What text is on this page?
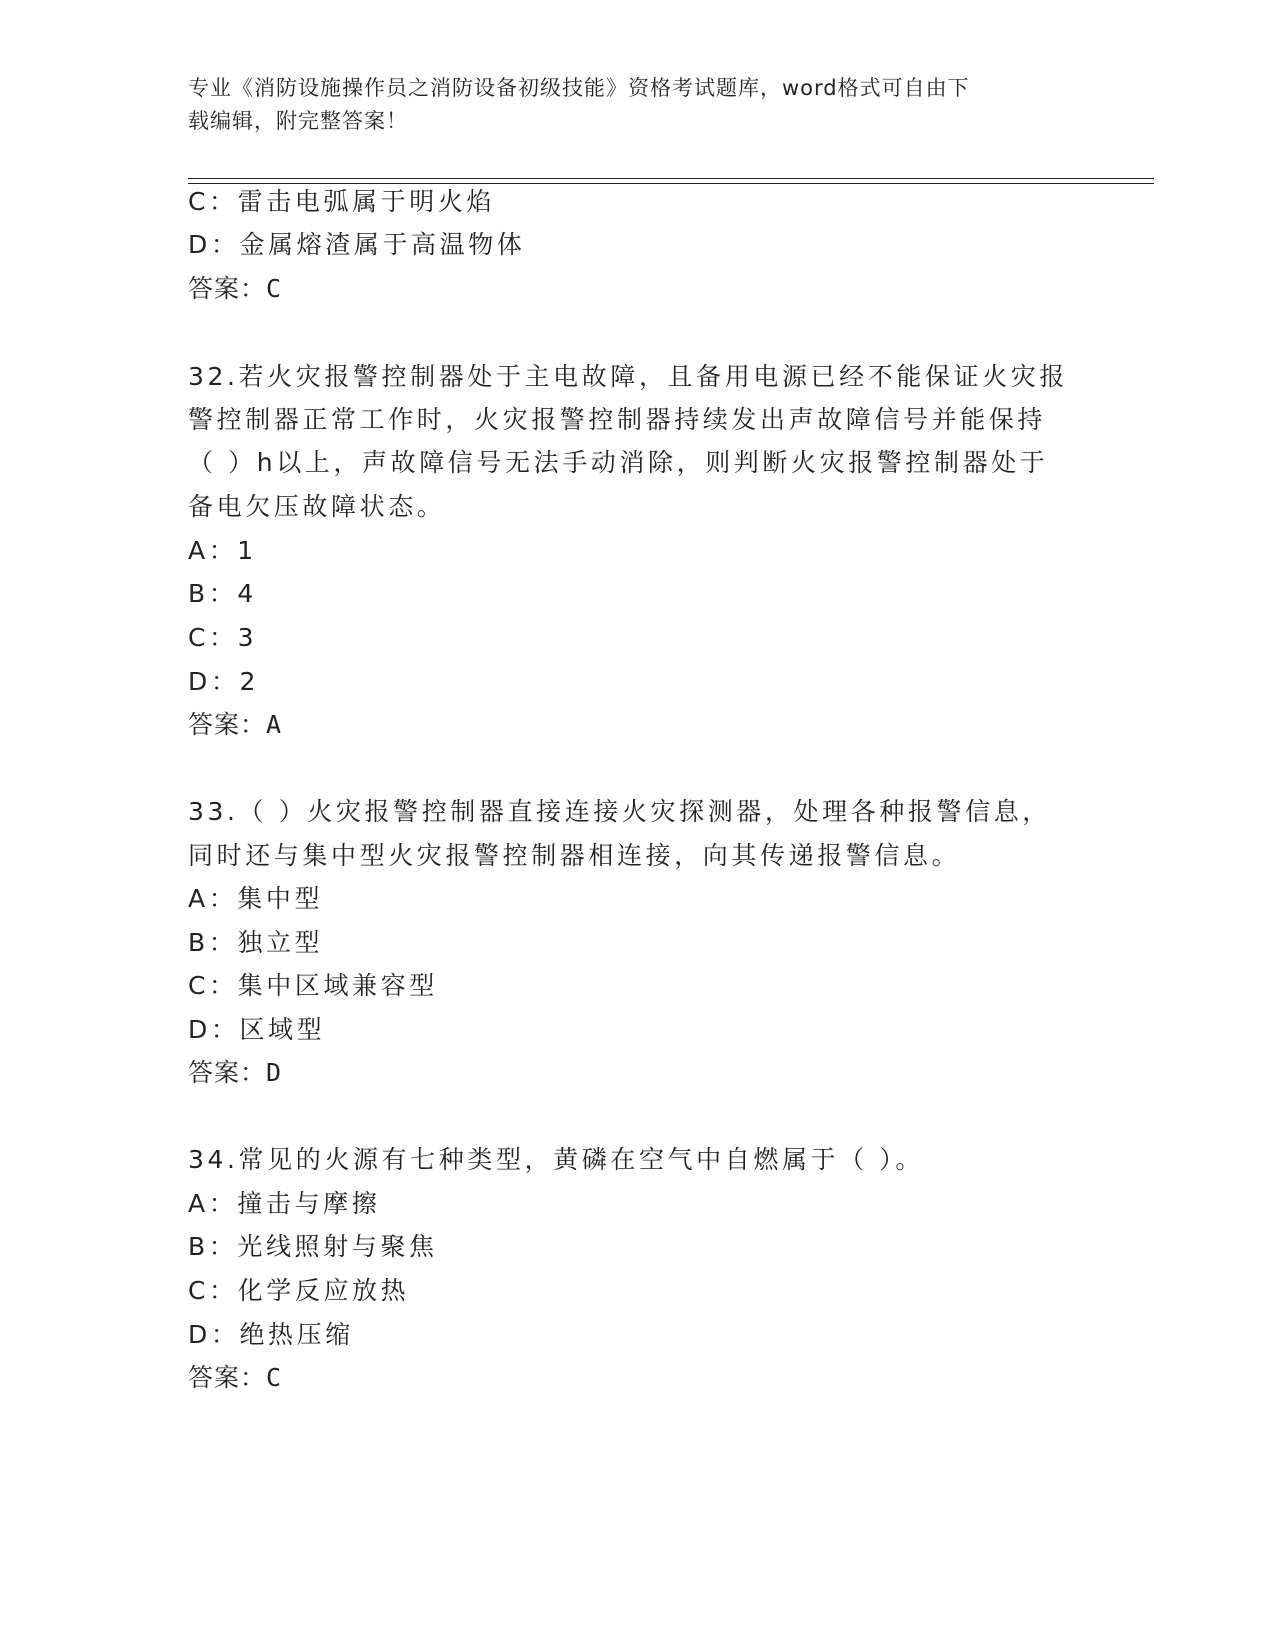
专业《消防设施操作员之消防设备初级技能》资格考试题库，word格式可自由下
载编辑，附完整答案！
C：雷击电弧属于明火焰
D：金属熔渣属于高温物体
答案：C
32.若火灾报警控制器处于主电故障，且备用电源已经不能保证火灾报
警控制器正常工作时，火灾报警控制器持续发出声故障信号并能保持
（ ）h以上，声故障信号无法手动消除，则判断火灾报警控制器处于
备电欠压故障状态。
A：1
B：4
C：3
D：2
答案：A
33.（ ）火灾报警控制器直接连接火灾探测器，处理各种报警信息，
同时还与集中型火灾报警控制器相连接，向其传递报警信息。
A：集中型
B：独立型
C：集中区域兼容型
D：区域型
答案：D
34.常见的火源有七种类型，黄磷在空气中自燃属于（ ）。
A：撞击与摩擦
B：光线照射与聚焦
C：化学反应放热
D：绝热压缩
答案：C
